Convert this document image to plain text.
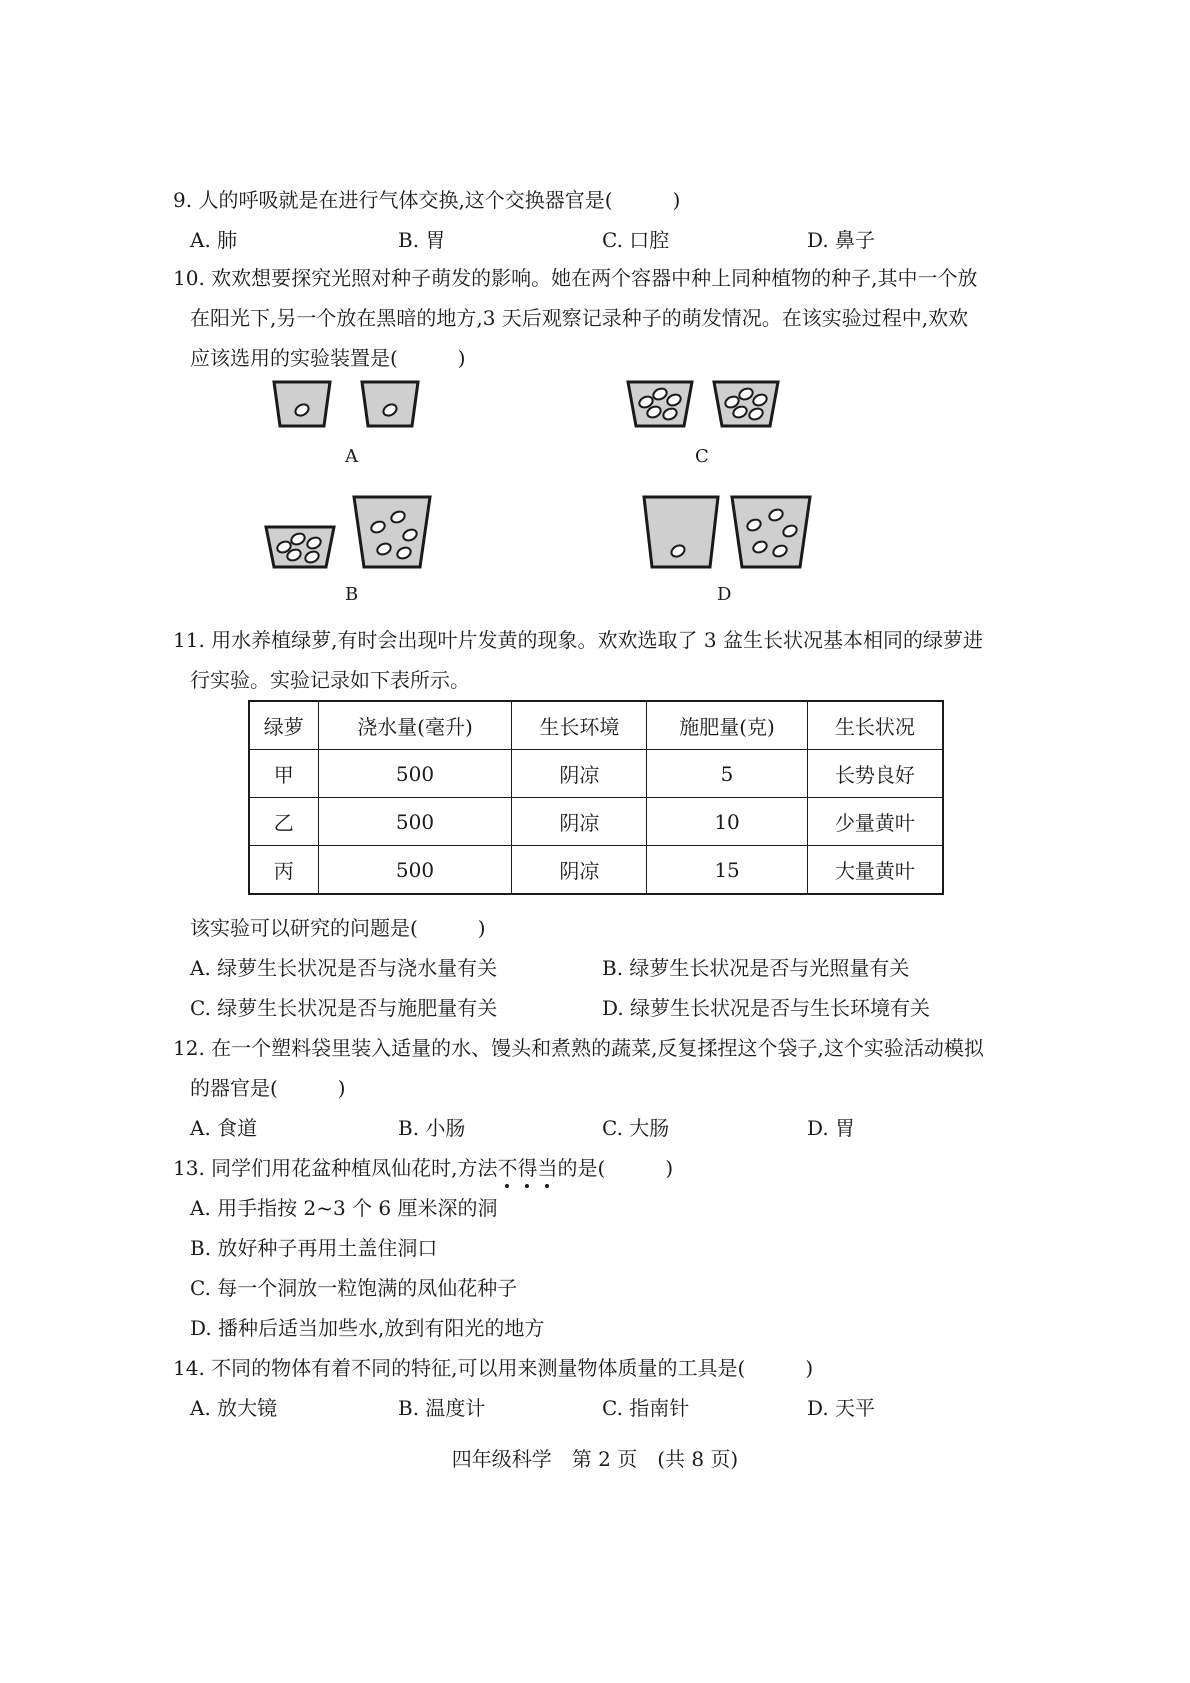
9. 人的呼吸就是在进行气体交换,这个交换器官是(　　　)
A. 肺	B. 胃	C. 口腔	D. 鼻子
10. 欢欢想要探究光照对种子萌发的影响。她在两个容器中种上同种植物的种子,其中一个放
在阳光下,另一个放在黑暗的地方,3 天后观察记录种子的萌发情况。在该实验过程中,欢欢
应该选用的实验装置是(　　　)
A	C
B	D
11. 用水养植绿萝,有时会出现叶片发黄的现象。欢欢选取了 3 盆生长状况基本相同的绿萝进
行实验。实验记录如下表所示。
绿萝	浇水量(毫升)	生长环境	施肥量(克)	生长状况
甲	500	阴凉	5	长势良好
乙	500	阴凉	10	少量黄叶
丙	500	阴凉	15	大量黄叶
该实验可以研究的问题是(　　　)
A. 绿萝生长状况是否与浇水量有关	B. 绿萝生长状况是否与光照量有关
C. 绿萝生长状况是否与施肥量有关	D. 绿萝生长状况是否与生长环境有关
12. 在一个塑料袋里装入适量的水、馒头和煮熟的蔬菜,反复揉捏这个袋子,这个实验活动模拟
的器官是(　　　)
A. 食道	B. 小肠	C. 大肠	D. 胃
13. 同学们用花盆种植凤仙花时,方法不得当的是(　　　)
A. 用手指按 2~3 个 6 厘米深的洞
B. 放好种子再用土盖住洞口
C. 每一个洞放一粒饱满的凤仙花种子
D. 播种后适当加些水,放到有阳光的地方
14. 不同的物体有着不同的特征,可以用来测量物体质量的工具是(　　　)
A. 放大镜	B. 温度计	C. 指南针	D. 天平
四年级科学　第 2 页　(共 8 页)
